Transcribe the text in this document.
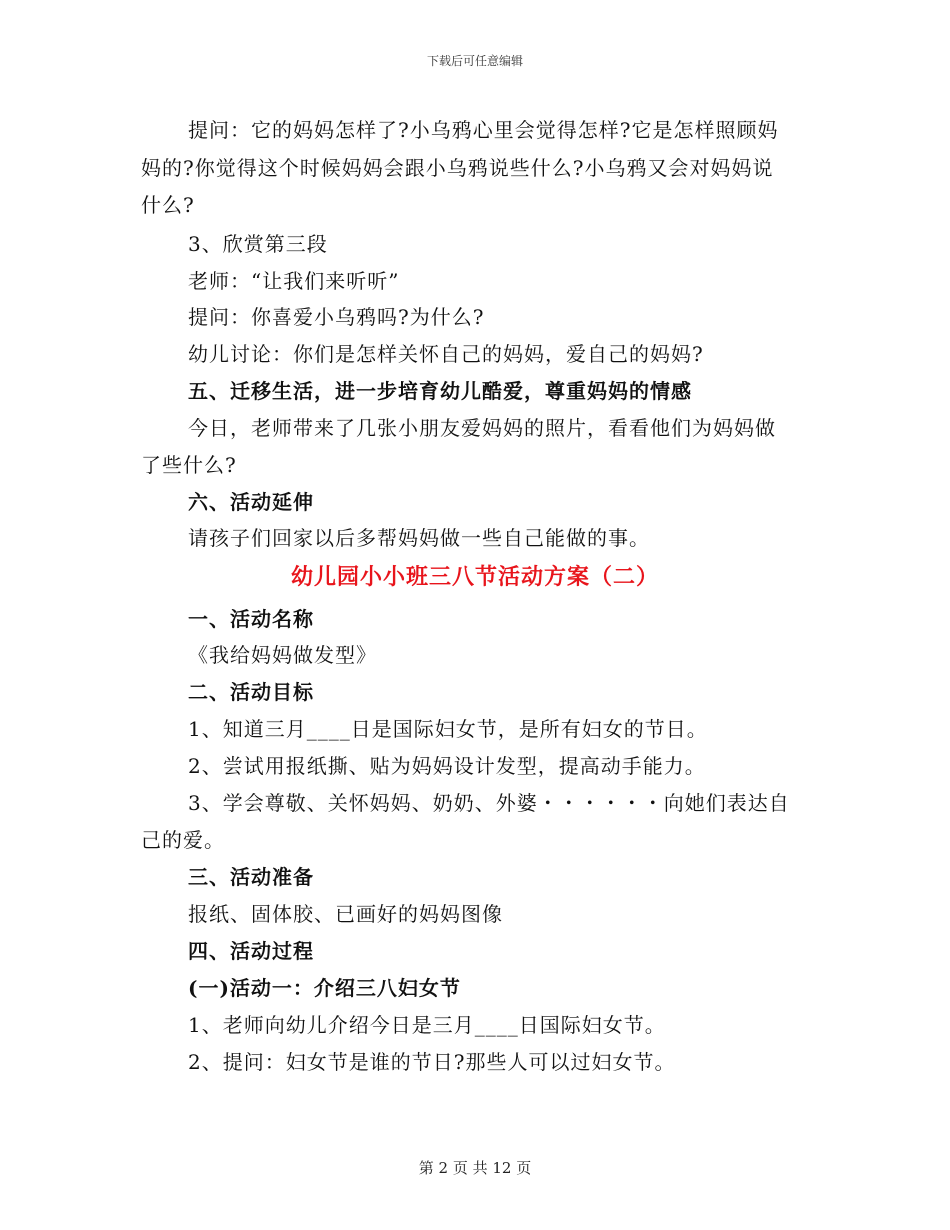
下载后可任意编辑
提问：它的妈妈怎样了?小乌鸦心里会觉得怎样?它是怎样照顾妈
妈的?你觉得这个时候妈妈会跟小乌鸦说些什么?小乌鸦又会对妈妈说
什么?
3、欣赏第三段
老师：“让我们来听听”
提问：你喜爱小乌鸦吗?为什么?
幼儿讨论：你们是怎样关怀自己的妈妈，爱自己的妈妈?
五、迁移生活，进一步培育幼儿酷爱，尊重妈妈的情感
今日，老师带来了几张小朋友爱妈妈的照片，看看他们为妈妈做
了些什么?
六、活动延伸
请孩子们回家以后多帮妈妈做一些自己能做的事。
幼儿园小小班三八节活动方案（二）
一、活动名称
《我给妈妈做发型》
二、活动目标
1、知道三月____日是国际妇女节，是所有妇女的节日。
2、尝试用报纸撕、贴为妈妈设计发型，提高动手能力。
3、学会尊敬、关怀妈妈、奶奶、外婆・・・・・・向她们表达自
己的爱。
三、活动准备
报纸、固体胶、已画好的妈妈图像
四、活动过程
(一)活动一：介绍三八妇女节
1、老师向幼儿介绍今日是三月____日国际妇女节。
2、提问：妇女节是谁的节日?那些人可以过妇女节。
第 2 页 共 12 页
